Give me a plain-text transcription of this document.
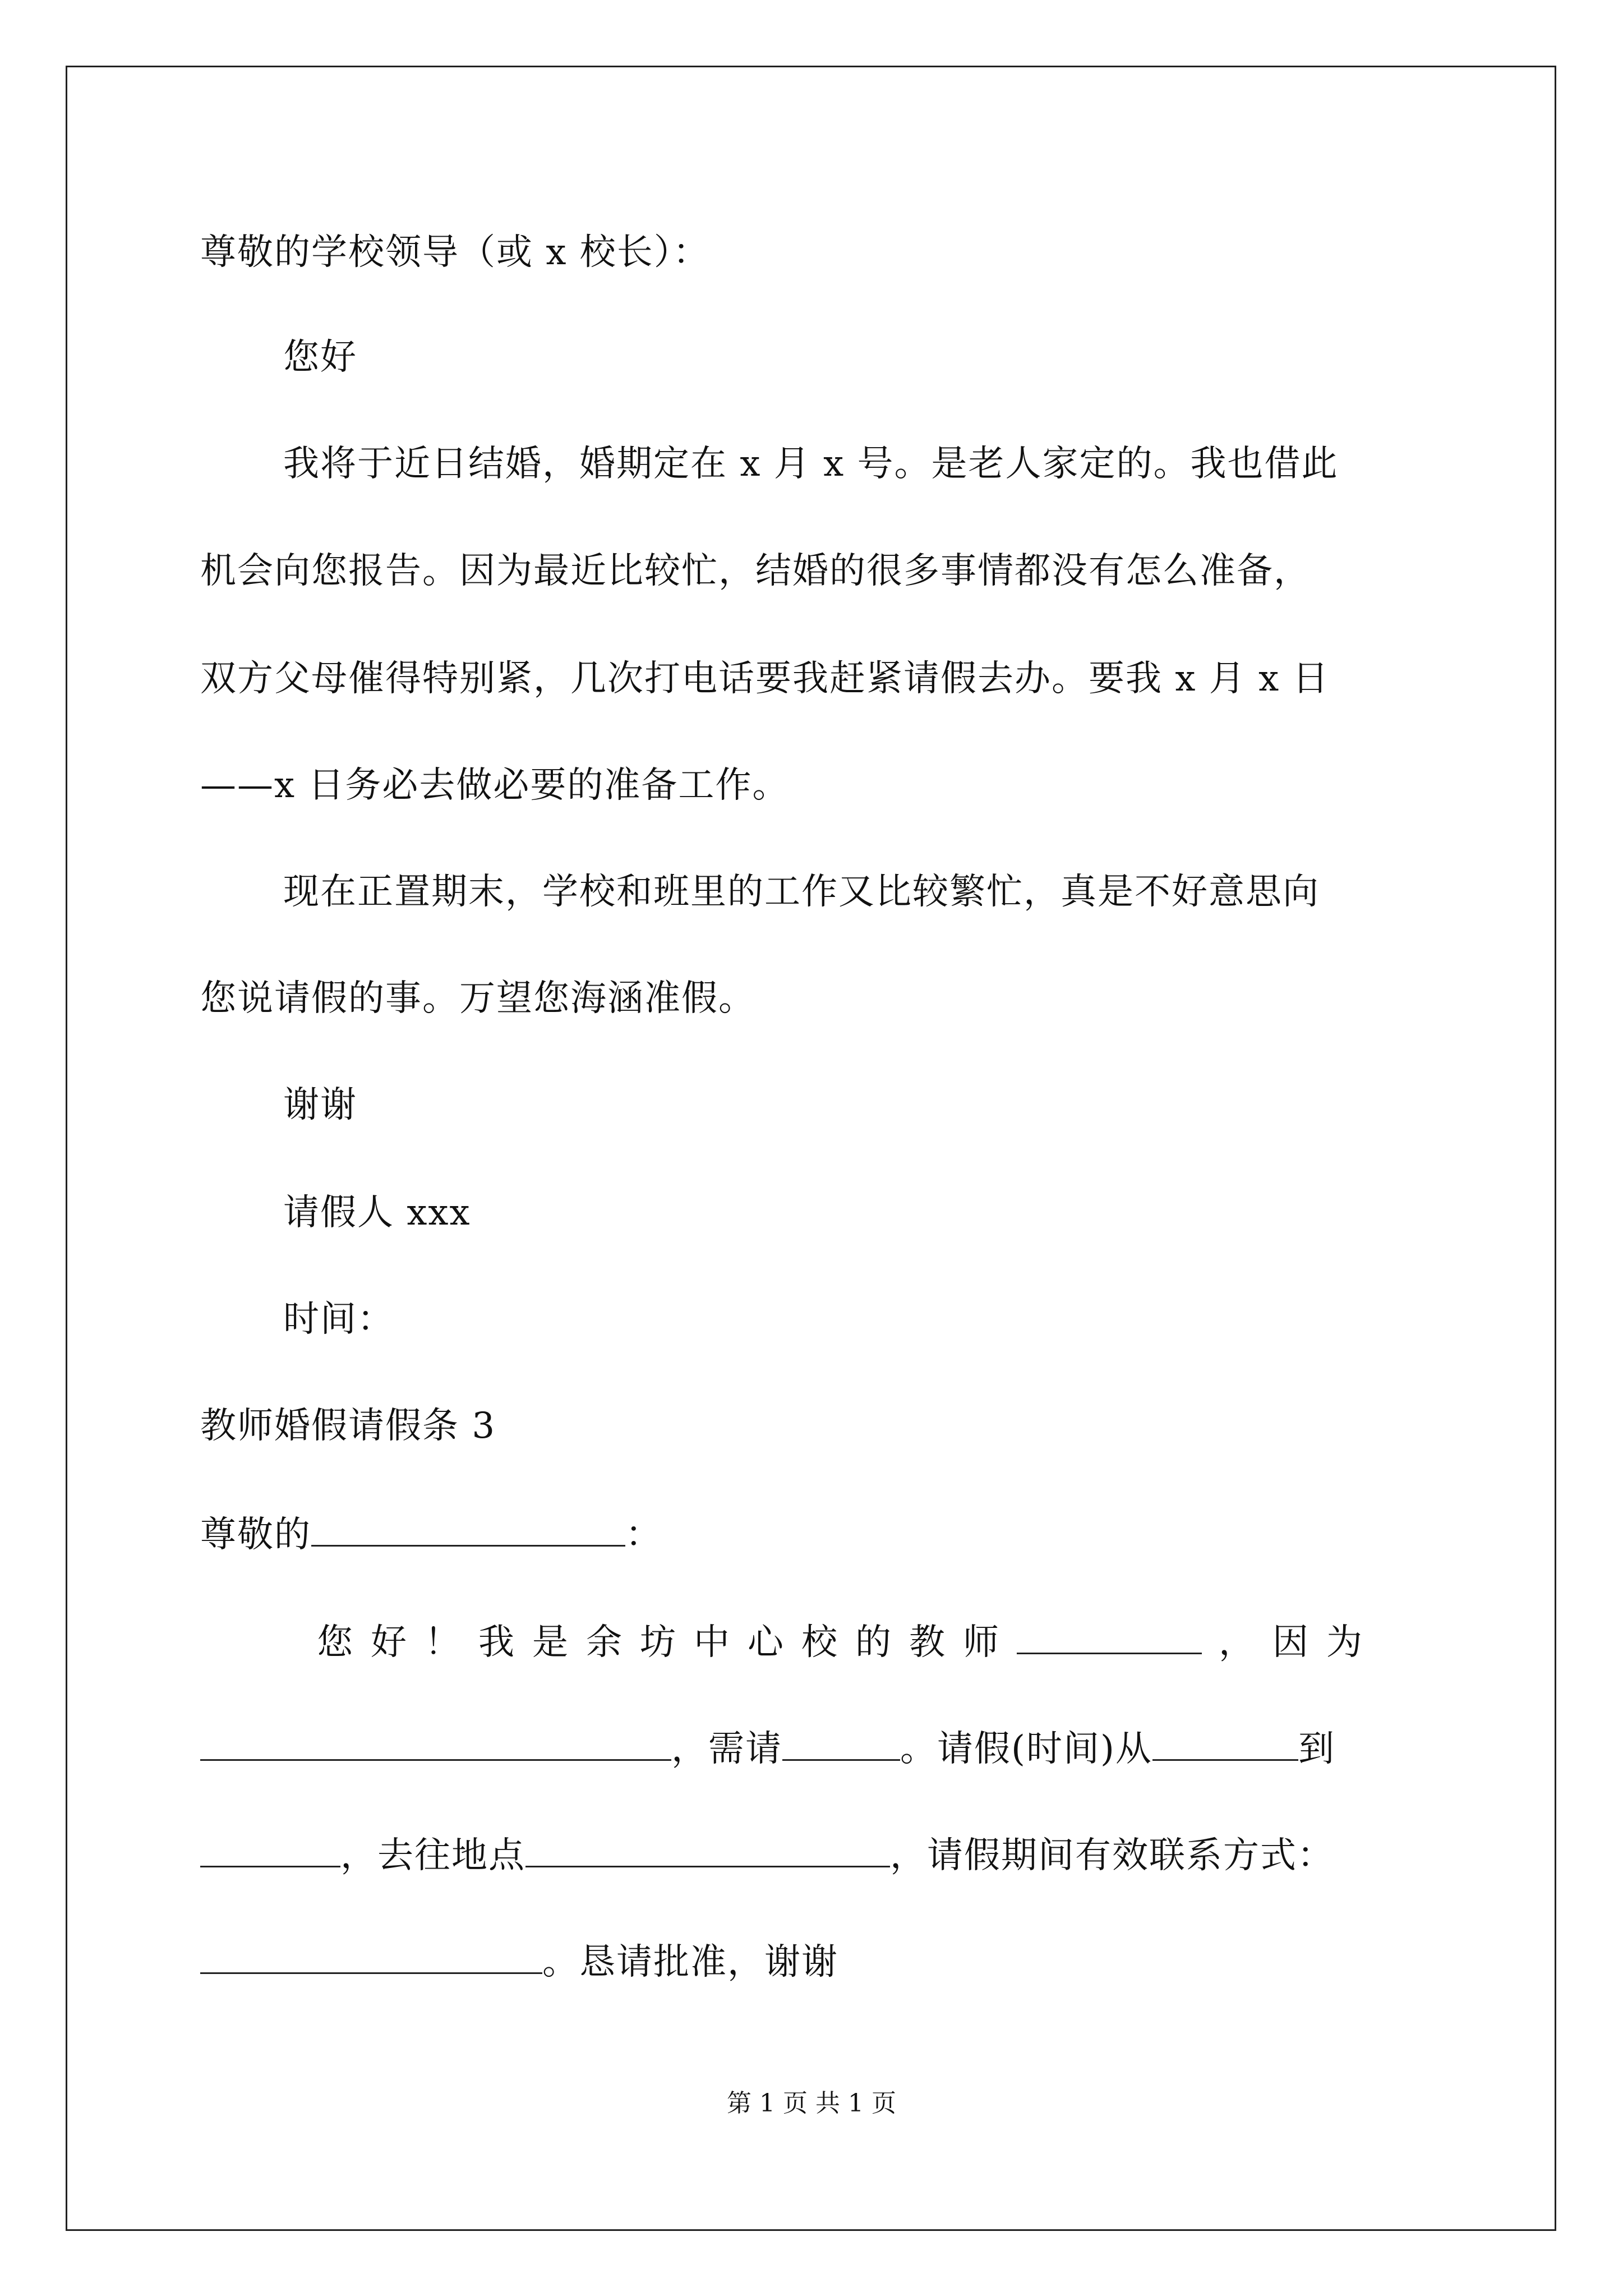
尊敬的学校领导（或 x 校长）：
您好
我将于近日结婚，婚期定在 x 月 x 号。是老人家定的。我也借此
机会向您报告。因为最近比较忙，结婚的很多事情都没有怎么准备，
双方父母催得特别紧，几次打电话要我赶紧请假去办。要我 x 月 x 日
——x 日务必去做必要的准备工作。
现在正置期末，学校和班里的工作又比较繁忙，真是不好意思向
您说请假的事。万望您海涵准假。
谢谢
请假人 xxx
时间：
教师婚假请假条 3
尊敬的	：
您好！我是余坊中心校的教师	，因为
，需请	。请假(时间)从	到
，去往地点	，请假期间有效联系方式：
。恳请批准，谢谢
第 1 页 共 1 页
